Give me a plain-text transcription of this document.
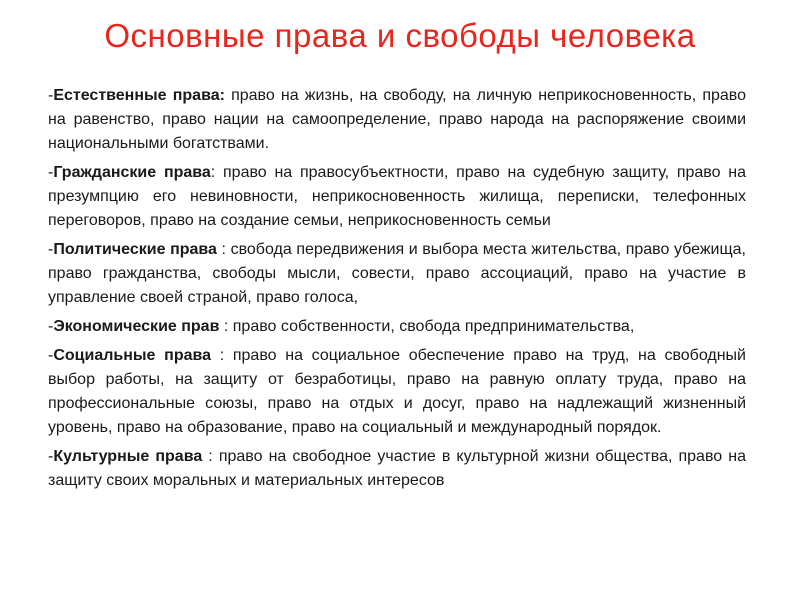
Основные права и свободы человека

-Естественные права: право на жизнь, на свободу, на личную неприкосновенность, право на равенство, право нации на самоопределение, право народа на распоряжение своими национальными богатствами.

-Гражданские права: право на правосубъектности, право на судебную защиту, право на презумпцию его невиновности, неприкосновенность жилища, переписки, телефонных переговоров, право на создание семьи, неприкосновенность семьи

-Политические права : свобода передвижения и выбора места жительства, право убежища, право гражданства, свободы мысли, совести, право ассоциаций, право на участие в управление своей страной, право голоса,

-Экономические прав : право собственности, свобода предпринимательства,

-Социальные права : право на социальное обеспечение право на труд, на свободный выбор работы, на защиту от безработицы, право на равную оплату труда, право на профессиональные союзы, право на отдых и досуг, право на надлежащий жизненный уровень, право на образование, право на социальный и международный порядок.

-Культурные права : право на свободное участие в культурной жизни общества, право на защиту своих моральных и материальных интересов
